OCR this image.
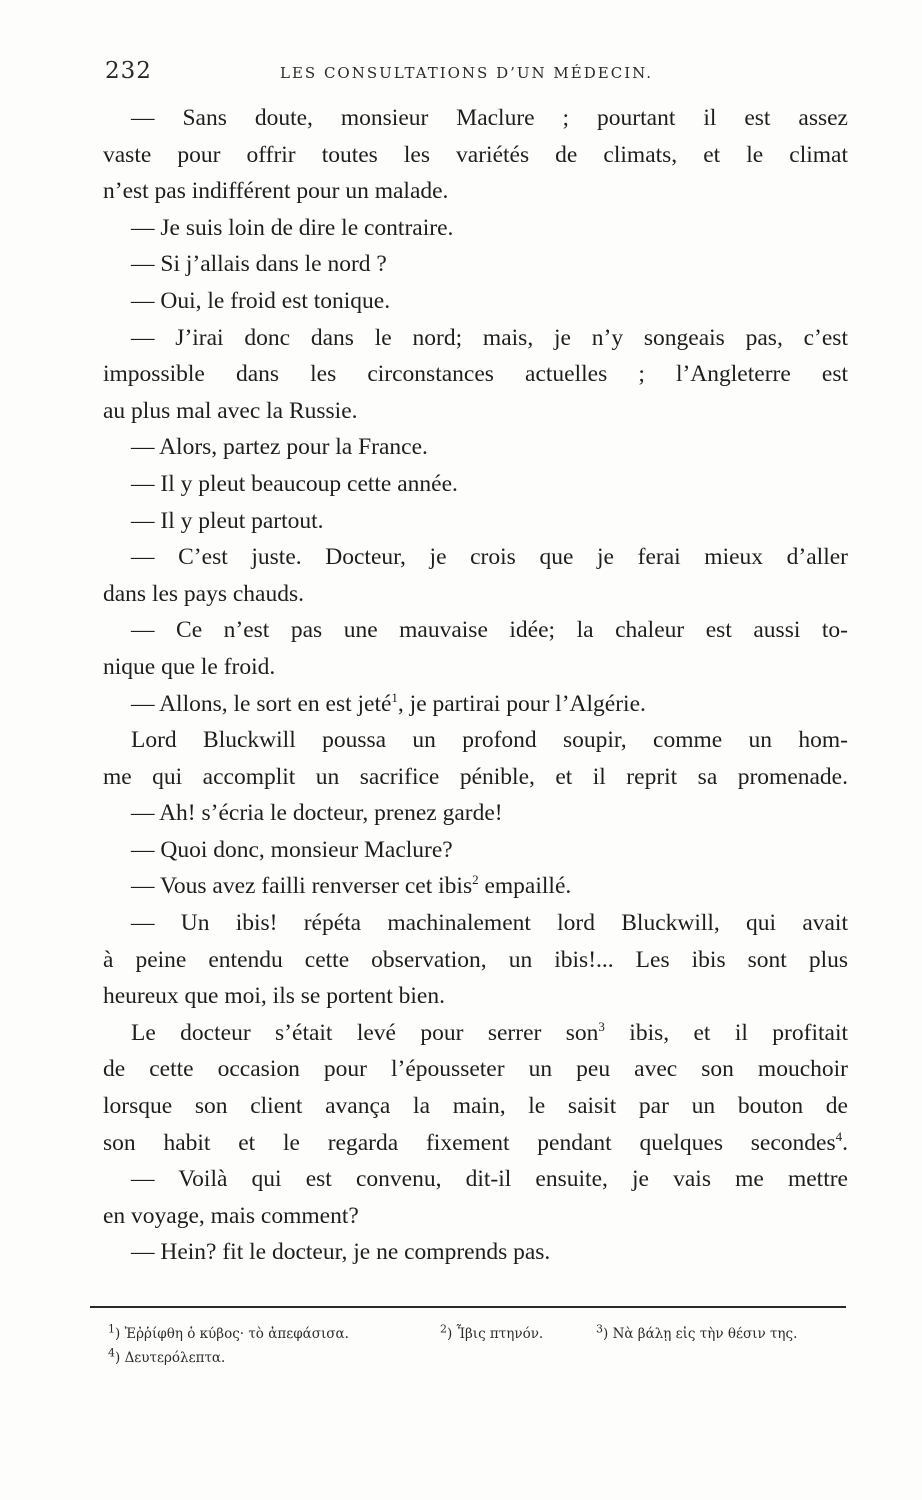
232	LES CONSULTATIONS D’UN MÉDECIN.
— Sans doute, monsieur Maclure ; pourtant il est assez
vaste pour offrir toutes les variétés de climats, et le climat
n’est pas indifférent pour un malade.
— Je suis loin de dire le contraire.
— Si j’allais dans le nord ?
— Oui, le froid est tonique.
— J’irai donc dans le nord; mais, je n’y songeais pas, c’est
impossible dans les circonstances actuelles ; l’Angleterre est
au plus mal avec la Russie.
— Alors, partez pour la France.
— Il y pleut beaucoup cette année.
— Il y pleut partout.
— C’est juste. Docteur, je crois que je ferai mieux d’aller
dans les pays chauds.
— Ce n’est pas une mauvaise idée; la chaleur est aussi to-
nique que le froid.
— Allons, le sort en est jeté$^1$, je partirai pour l’Algérie.
Lord Bluckwill poussa un profond soupir, comme un hom-
me qui accomplit un sacrifice pénible, et il reprit sa promenade.
— Ah! s’écria le docteur, prenez garde!
— Quoi donc, monsieur Maclure?
— Vous avez failli renverser cet ibis$^2$ empaillé.
— Un ibis! répéta machinalement lord Bluckwill, qui avait
à peine entendu cette observation, un ibis!... Les ibis sont plus
heureux que moi, ils se portent bien.
Le docteur s’était levé pour serrer son$^3$ ibis, et il profitait
de cette occasion pour l’épousseter un peu avec son mouchoir
lorsque son client avança la main, le saisit par un bouton de
son habit et le regarda fixement pendant quelques secondes$^4$.
— Voilà qui est convenu, dit-il ensuite, je vais me mettre
en voyage, mais comment?
— Hein? fit le docteur, je ne comprends pas.
$^1$) Ἐῤῥίφθη ὁ κύβος· τὸ ἀπεφάσισα.	$^2$) Ἶβις πτηνόν.	$^3$) Νὰ βάλῃ εἰς τὴν θέσιν της.
$^4$) Δευτερόλεπτα.
